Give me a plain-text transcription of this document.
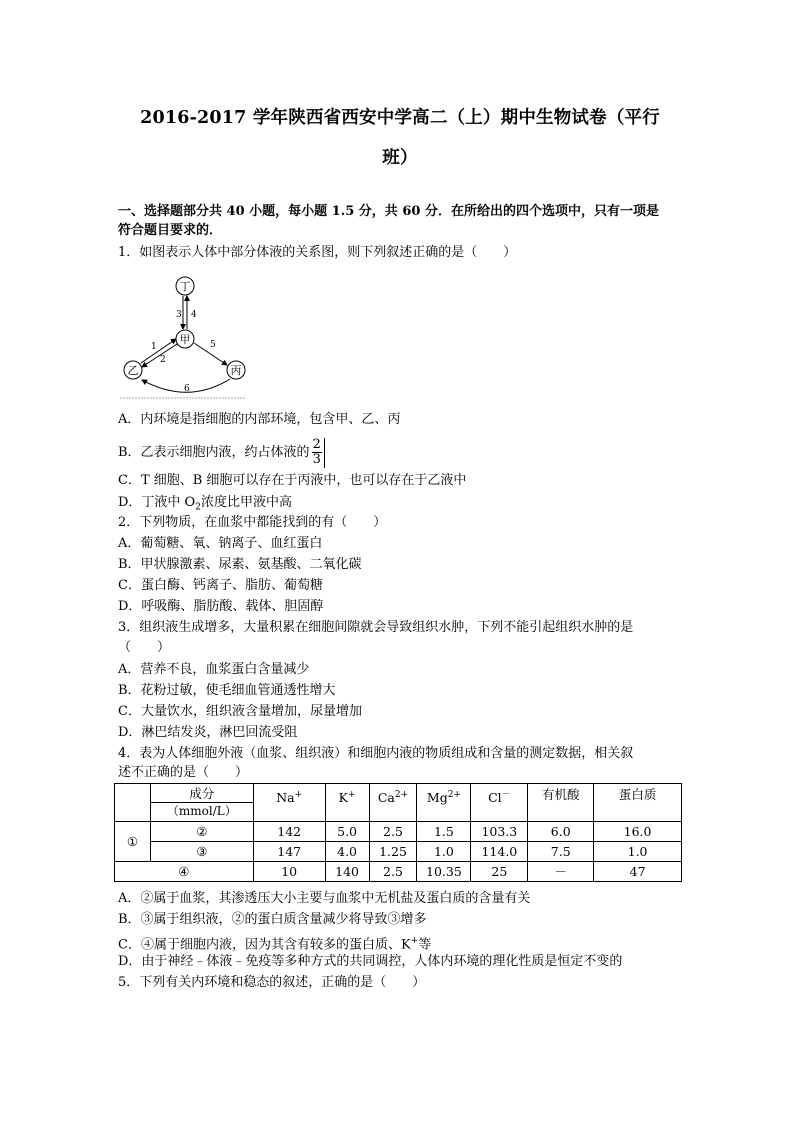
2016-2017 学年陕西省西安中学高二（上）期中生物试卷（平行
班）
一、选择题部分共 40 小题，每小题 1.5 分，共 60 分．在所给出的四个选项中，只有一项是
符合题目要求的．
1．如图表示人体中部分体液的关系图，则下列叙述正确的是（　　）
丁
甲
乙	丙
3 4
1
2
5
6
A．内环境是指细胞的内部环境，包含甲、乙、丙
B．乙表示细胞内液，约占体液的 $\frac{2}{3}$
C．T 细胞、B 细胞可以存在于丙液中，也可以存在于乙液中
D．丁液中 $O_2$浓度比甲液中高
2．下列物质，在血浆中都能找到的有（　　）
A．葡萄糖、氧、钠离子、血红蛋白
B．甲状腺激素、尿素、氨基酸、二氧化碳
C．蛋白酶、钙离子、脂肪、葡萄糖
D．呼吸酶、脂肪酸、载体、胆固醇
3．组织液生成增多，大量积累在细胞间隙就会导致组织水肿，下列不能引起组织水肿的是
（　　）
A．营养不良，血浆蛋白含量减少
B．花粉过敏，使毛细血管通透性增大
C．大量饮水，组织液含量增加，尿量增加
D．淋巴结发炎，淋巴回流受阻
4．表为人体细胞外液（血浆、组织液）和细胞内液的物质组成和含量的测定数据，相关叙
述不正确的是（　　）
	成分	Na+	K+	$Ca^{2+}$	$Mg^{2+}$	Cl－	有机酸	蛋白质
	（mmol/L）							
①	②	142	5.0	2.5	1.5	103.3	6.0	16.0
	③	147	4.0	1.25	1.0	114.0	7.5	1.0
④		10	140	2.5	10.35	25	－	47
A．②属于血浆，其渗透压大小主要与血浆中无机盐及蛋白质的含量有关
B．③属于组织液，②的蛋白质含量减少将导致③增多
C．④属于细胞内液，因为其含有较多的蛋白质、K+等
D．由于神经﹣体液﹣免疫等多种方式的共同调控，人体内环境的理化性质是恒定不变的
5．下列有关内环境和稳态的叙述，正确的是（　　）
